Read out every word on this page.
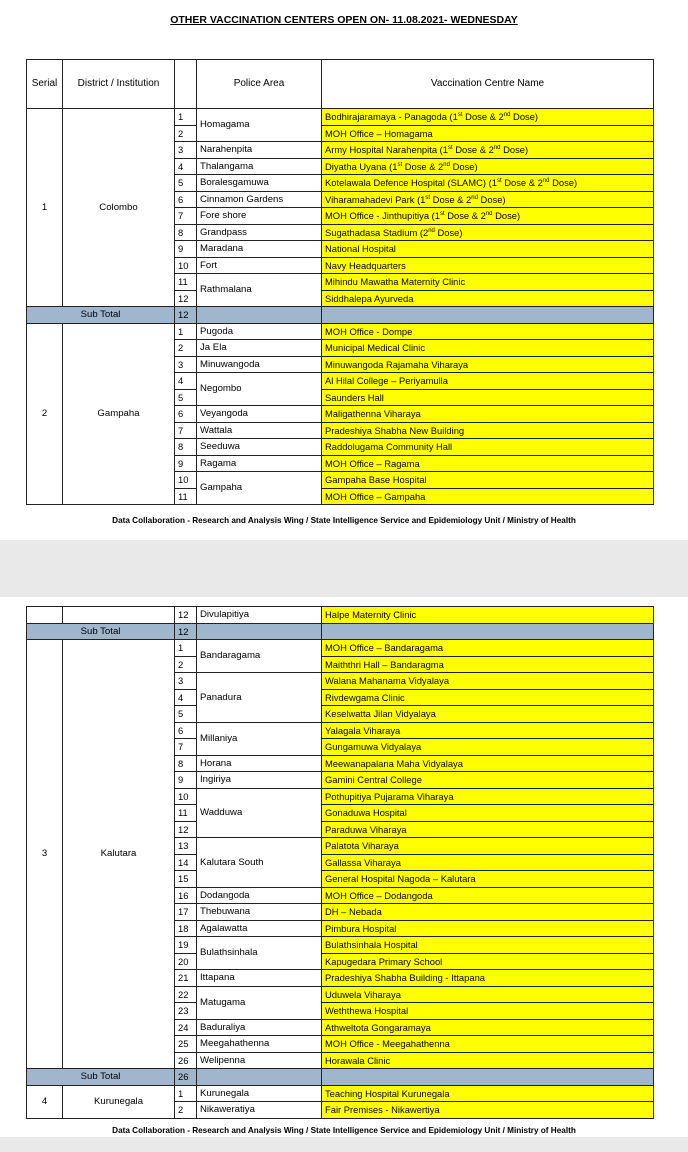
OTHER VACCINATION CENTERS OPEN ON- 11.08.2021- WEDNESDAY
Serial	District / Institution		Police Area	Vaccination Centre Name
1	Colombo	1	Homagama	Bodhirajaramaya - Panagoda (1st Dose & 2nd Dose)
		2		MOH Office – Homagama
		3	Narahenpita	Army Hospital Narahenpita (1st Dose & 2nd Dose)
		4	Thalangama	Diyatha Uyana (1st Dose & 2nd Dose)
		5	Boralesgamuwa	Kotelawala Defence Hospital (SLAMC) (1st Dose & 2nd Dose)
		6	Cinnamon Gardens	Viharamahadevi Park (1st Dose & 2nd Dose)
		7	Fore shore	MOH Office - Jinthupitiya (1st Dose & 2nd Dose)
		8	Grandpass	Sugathadasa Stadium (2nd Dose)
		9	Maradana	National Hospital
		10	Fort	Navy Headquarters
		11	Rathmalana	Mihindu Mawatha Maternity Clinic
		12		Siddhalepa Ayurveda
Sub Total		12		
2	Gampaha	1	Pugoda	MOH Office - Dompe
		2	Ja Ela	Municipal Medical Clinic
		3	Minuwangoda	Minuwangoda Rajamaha Viharaya
		4	Negombo	Al Hilal College – Periyamulla
		5		Saunders Hall
		6	Veyangoda	Maligathenna Viharaya
		7	Wattala	Pradeshiya Shabha New Building
		8	Seeduwa	Raddolugama Community Hall
		9	Ragama	MOH Office – Ragama
		10	Gampaha	Gampaha Base Hospital
		11		MOH Office – Gampaha
		12	Divulapitiya	Halpe Maternity Clinic
Sub Total		12		
3	Kalutara	1	Bandaragama	MOH Office – Bandaragama
		2		Maiththri Hall – Bandaragma
		3	Panadura	Walana Mahanama Vidyalaya
		4		Rivdewgama Clinic
		5		Keselwatta Jilan Vidyalaya
		6	Millaniya	Yalagala Viharaya
		7		Gungamuwa Vidyalaya
		8	Horana	Meewanapalana Maha Vidyalaya
		9	Ingiriya	Gamini Central College
		10	Wadduwa	Pothupitiya Pujarama Viharaya
		11		Gonaduwa Hospital
		12		Paraduwa Viharaya
		13	Kalutara South	Palatota Viharaya
		14		Gallassa Viharaya
		15		General Hospital Nagoda – Kalutara
		16	Dodangoda	MOH Office – Dodangoda
		17	Thebuwana	DH – Nebada
		18	Agalawatta	Pimbura Hospital
		19	Bulathsinhala	Bulathsinhala Hospital
		20		Kapugedara Primary School
		21	Ittapana	Pradeshiya Shabha Building - Ittapana
		22	Matugama	Uduwela Viharaya
		23		Weththewa Hospital
		24	Baduraliya	Athweltota Gongaramaya
		25	Meegahathenna	MOH Office - Meegahathenna
		26	Welipenna	Horawala Clinic
Sub Total		26		
4	Kurunegala	1	Kurunegala	Teaching Hospital Kurunegala
		2	Nikaweratiya	Fair Premises - Nikawertiya
Data Collaboration - Research and Analysis Wing / State Intelligence Service and Epidemiology Unit / Ministry of Health
Data Collaboration - Research and Analysis Wing / State Intelligence Service and Epidemiology Unit / Ministry of Health
